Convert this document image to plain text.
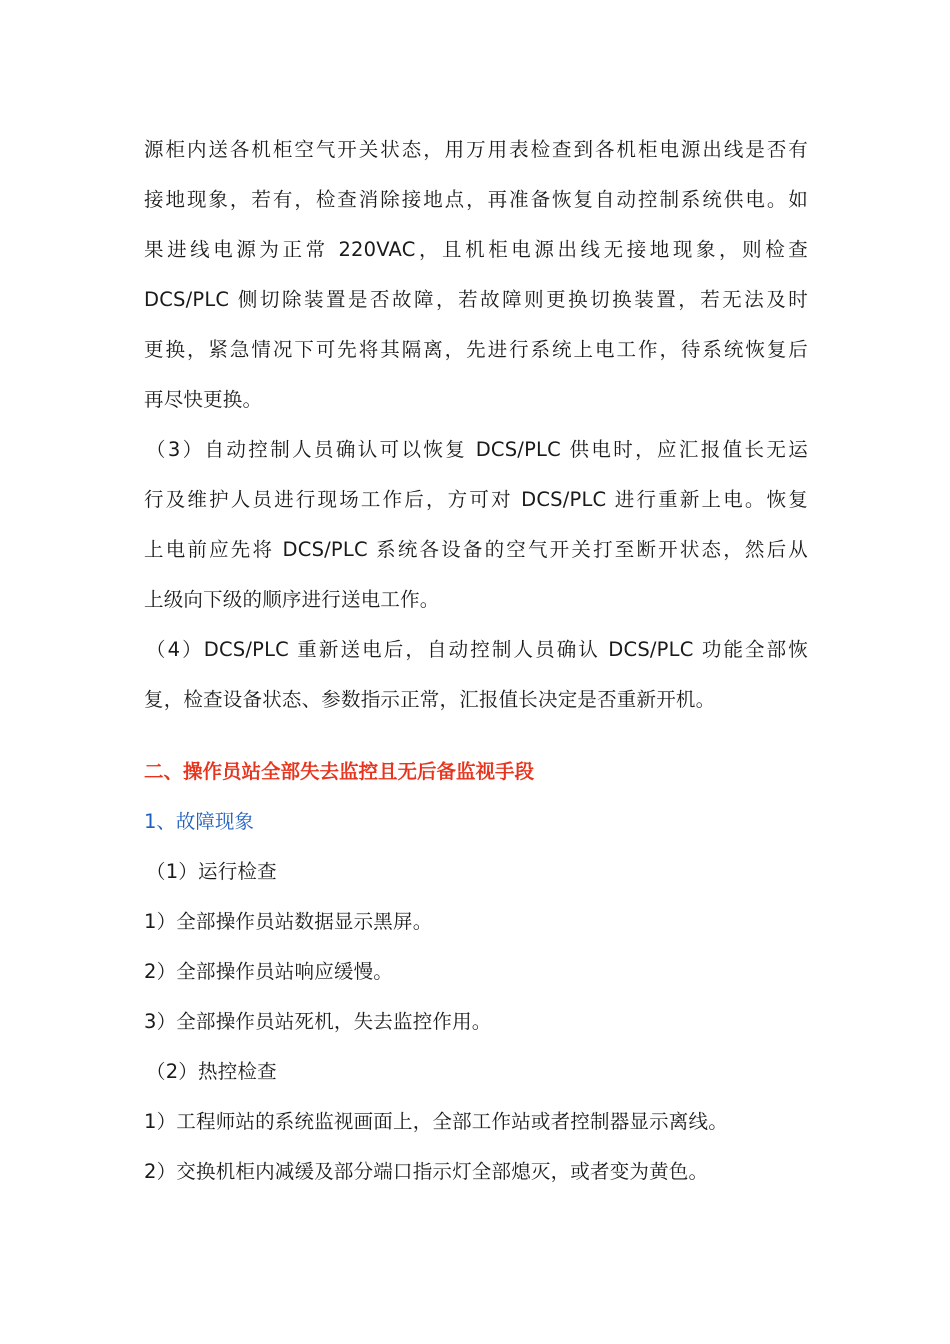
源柜内送各机柜空气开关状态，用万用表检查到各机柜电源出线是否有
接地现象，若有，检查消除接地点，再准备恢复自动控制系统供电。如
果进线电源为正常 220VAC，且机柜电源出线无接地现象，则检查
DCS/PLC 侧切除装置是否故障，若故障则更换切换装置，若无法及时
更换，紧急情况下可先将其隔离，先进行系统上电工作，待系统恢复后
再尽快更换。
（3）自动控制人员确认可以恢复 DCS/PLC 供电时，应汇报值长无运
行及维护人员进行现场工作后，方可对 DCS/PLC 进行重新上电。恢复
上电前应先将 DCS/PLC 系统各设备的空气开关打至断开状态，然后从
上级向下级的顺序进行送电工作。
（4）DCS/PLC 重新送电后，自动控制人员确认 DCS/PLC 功能全部恢
复，检查设备状态、参数指示正常，汇报值长决定是否重新开机。
二、操作员站全部失去监控且无后备监视手段
1、故障现象
（1）运行检查
1）全部操作员站数据显示黑屏。
2）全部操作员站响应缓慢。
3）全部操作员站死机，失去监控作用。
（2）热控检查
1）工程师站的系统监视画面上，全部工作站或者控制器显示离线。
2）交换机柜内减缓及部分端口指示灯全部熄灭，或者变为黄色。
